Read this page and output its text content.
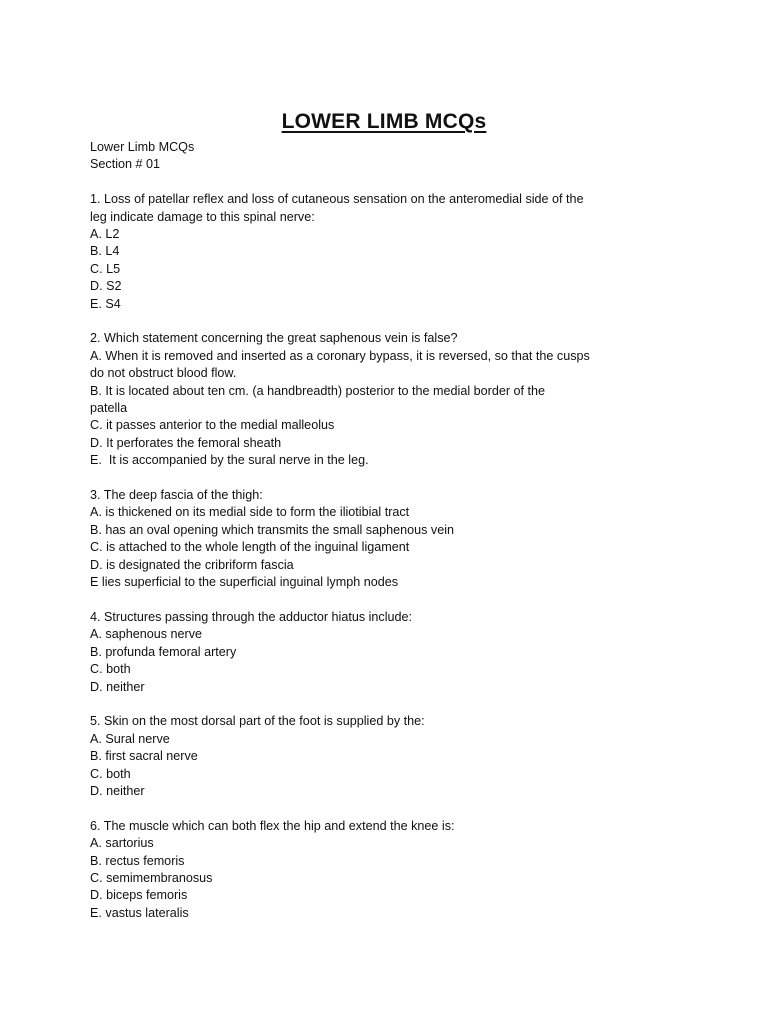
LOWER LIMB MCQs
Lower Limb MCQs
Section # 01
1. Loss of patellar reflex and loss of cutaneous sensation on the anteromedial side of the
leg indicate damage to this spinal nerve:
A. L2
B. L4
C. L5
D. S2
E. S4
2. Which statement concerning the great saphenous vein is false?
A. When it is removed and inserted as a coronary bypass, it is reversed, so that the cusps
do not obstruct blood flow.
B. It is located about ten cm. (a handbreadth) posterior to the medial border of the
patella
C. it passes anterior to the medial malleolus
D. It perforates the femoral sheath
E.  It is accompanied by the sural nerve in the leg.
3. The deep fascia of the thigh:
A. is thickened on its medial side to form the iliotibial tract
B. has an oval opening which transmits the small saphenous vein
C. is attached to the whole length of the inguinal ligament
D. is designated the cribriform fascia
E lies superficial to the superficial inguinal lymph nodes
4. Structures passing through the adductor hiatus include:
A. saphenous nerve
B. profunda femoral artery
C. both
D. neither
5. Skin on the most dorsal part of the foot is supplied by the:
A. Sural nerve
B. first sacral nerve
C. both
D. neither
6. The muscle which can both flex the hip and extend the knee is:
A. sartorius
B. rectus femoris
C. semimembranosus
D. biceps femoris
E. vastus lateralis
